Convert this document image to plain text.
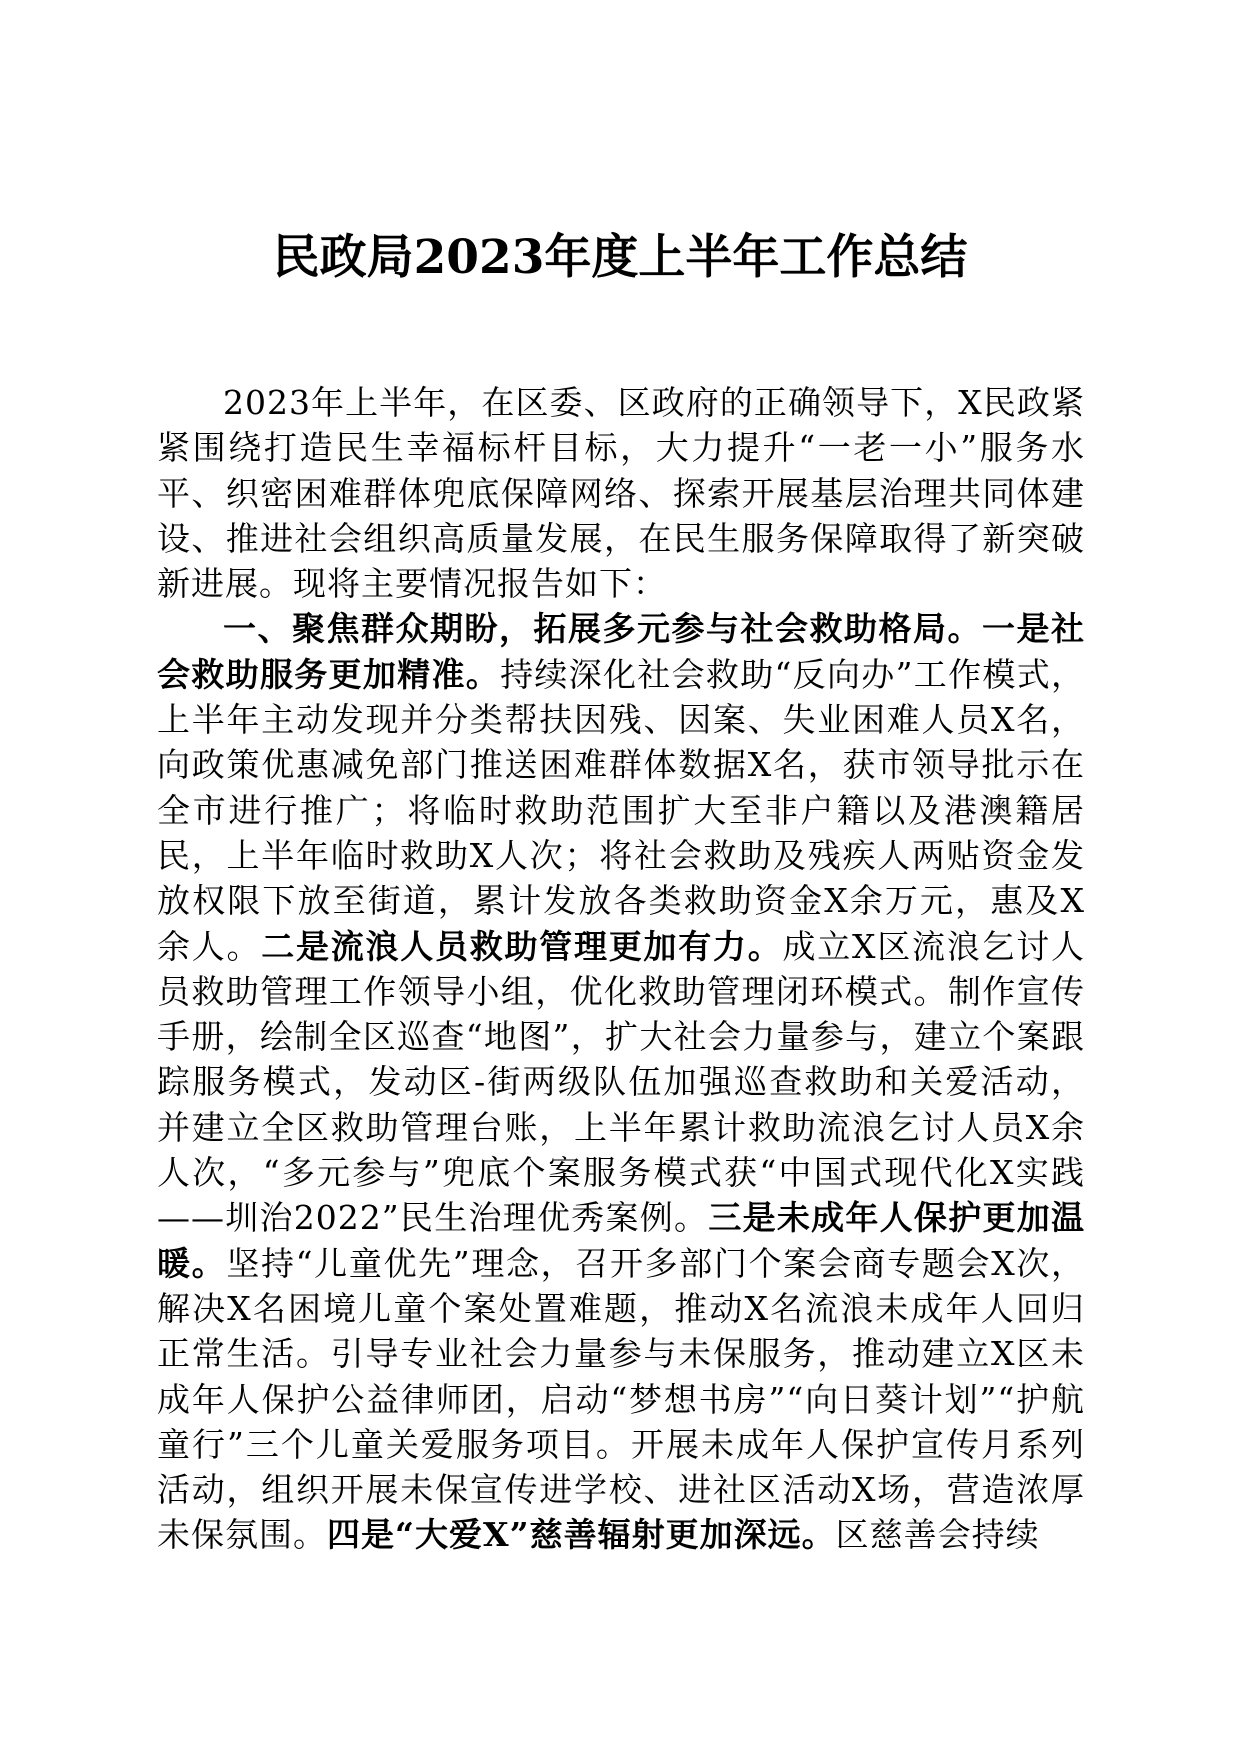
民政局2023年度上半年工作总结

2023年上半年，在区委、区政府的正确领导下，X民政紧紧围绕打造民生幸福标杆目标，大力提升“一老一小”服务水平、织密困难群体兜底保障网络、探索开展基层治理共同体建设、推进社会组织高质量发展，在民生服务保障取得了新突破新进展。现将主要情况报告如下：

一、聚焦群众期盼，拓展多元参与社会救助格局。一是社会救助服务更加精准。持续深化社会救助“反向办”工作模式，上半年主动发现并分类帮扶因残、因案、失业困难人员X名，向政策优惠减免部门推送困难群体数据X名，获市领导批示在全市进行推广；将临时救助范围扩大至非户籍以及港澳籍居民，上半年临时救助X人次；将社会救助及残疾人两贴资金发放权限下放至街道，累计发放各类救助资金X余万元，惠及X余人。二是流浪人员救助管理更加有力。成立X区流浪乞讨人员救助管理工作领导小组，优化救助管理闭环模式。制作宣传手册，绘制全区巡查“地图”，扩大社会力量参与，建立个案跟踪服务模式，发动区-街两级队伍加强巡查救助和关爱活动，并建立全区救助管理台账，上半年累计救助流浪乞讨人员X余人次，“多元参与”兜底个案服务模式获“中国式现代化X实践——圳治2022”民生治理优秀案例。三是未成年人保护更加温暖。坚持“儿童优先”理念，召开多部门个案会商专题会X次，解决X名困境儿童个案处置难题，推动X名流浪未成年人回归正常生活。引导专业社会力量参与未保服务，推动建立X区未成年人保护公益律师团，启动“梦想书房”“向日葵计划”“护航童行”三个儿童关爱服务项目。开展未成年人保护宣传月系列活动，组织开展未保宣传进学校、进社区活动X场，营造浓厚未保氛围。四是“大爱X”慈善辐射更加深远。区慈善会持续
